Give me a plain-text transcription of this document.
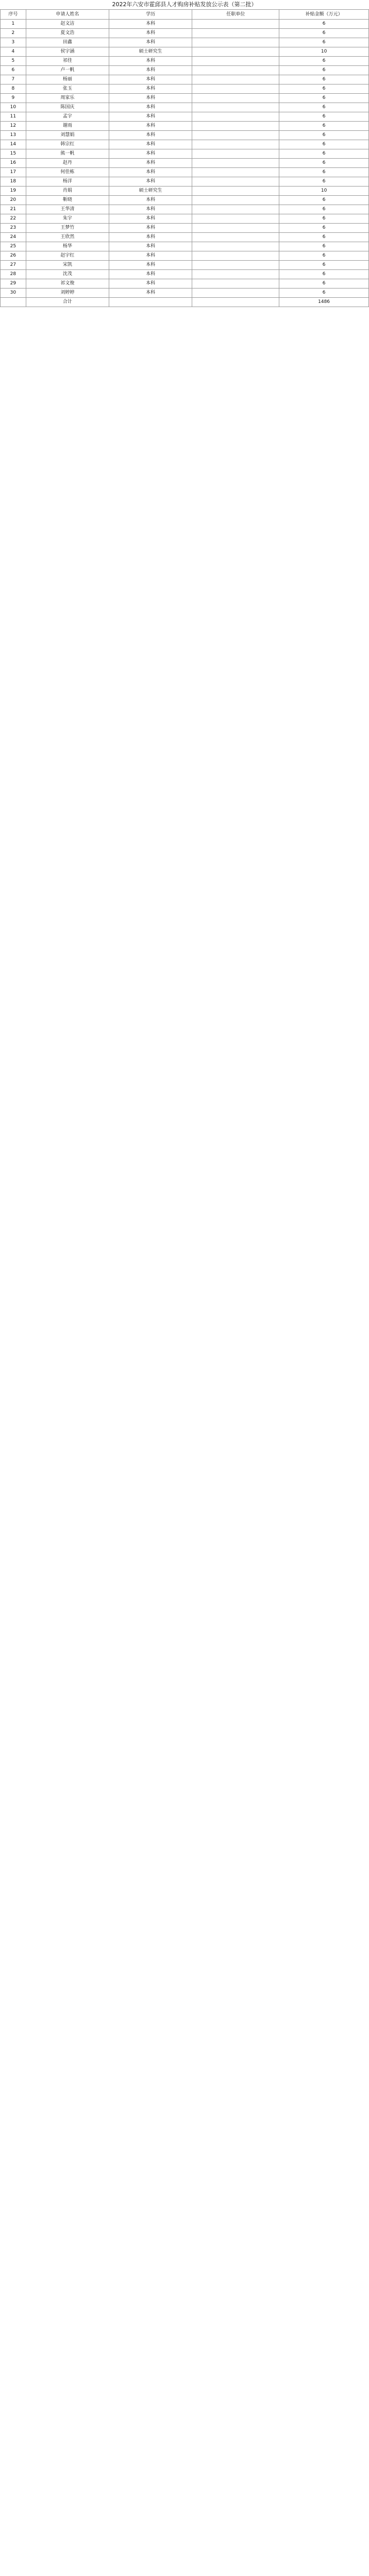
2022年六安市霍邱县人才购房补贴发放公示表（第二批）
序号	申请人姓名	学历	任职单位	补贴金额（万元）
1	赵文洁	本科		6
2	夏文浩	本科		6
3	田鑫	本科		6
4	侯宇涵	硕士研究生		10
5	祁佳	本科		6
6	卢一帆	本科		6
7	杨丽	本科		6
8	张玉	本科		6
9	周家乐	本科		6
10	陈国庆	本科		6
11	孟宇	本科		6
12	谢雨	本科		6
13	刘慧娟	本科		6
14	韩宗红	本科		6
15	熊一帆	本科		6
16	赵丹	本科		6
17	何佳栋	本科		6
18	杨洋	本科		6
19	肖娟	硕士研究生		10
20	靳晓	本科		6
21	王华清	本科		6
22	朱宇	本科		6
23	王梦竹	本科		6
24	王欣然	本科		6
25	杨华	本科		6
26	赵宇红	本科		6
27	宋凯	本科		6
28	沈茂	本科		6
29	祁文俊	本科		6
30	刘婷婷	本科		6
	合计			1486
